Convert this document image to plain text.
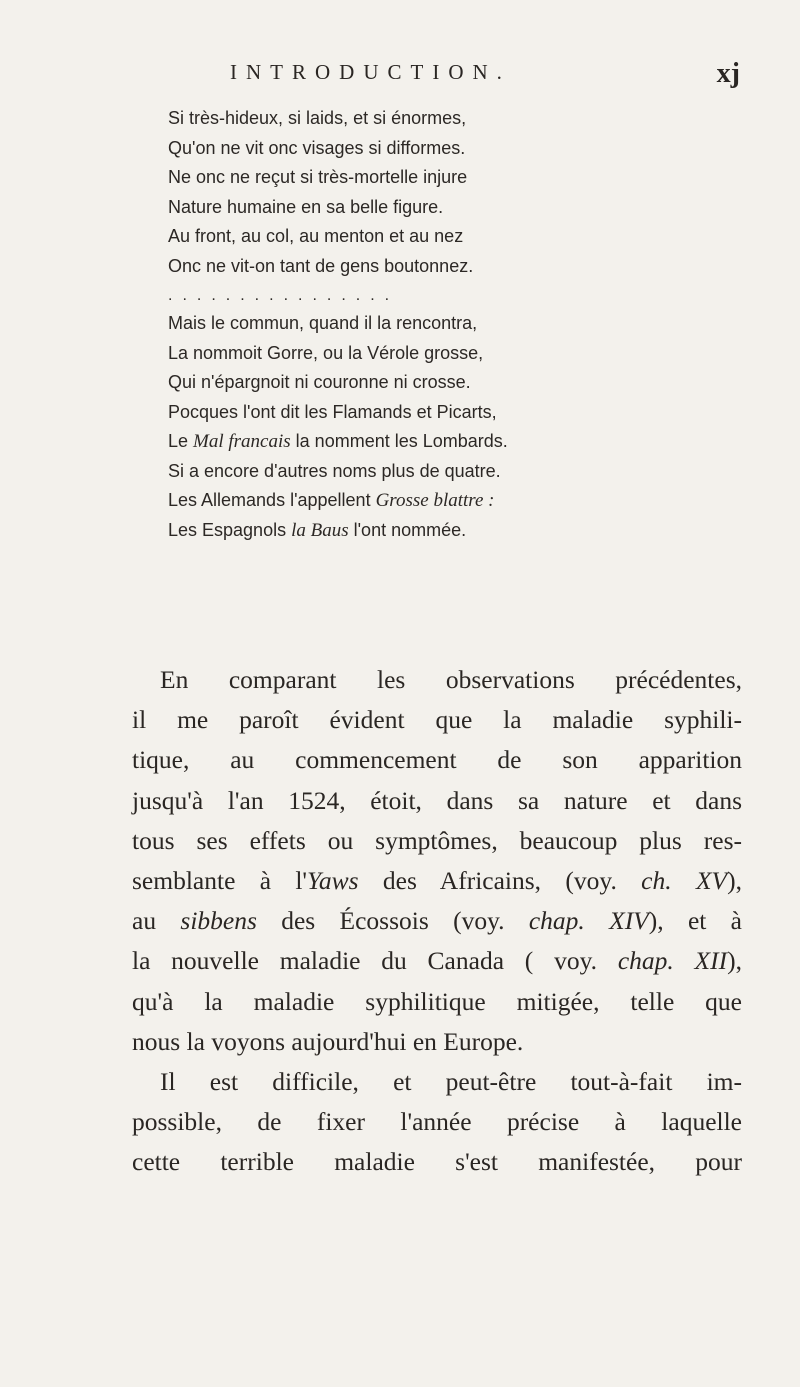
INTRODUCTION.	xj
Si très-hideux, si laids, et si énormes,
Qu'on ne vit onc visages si difformes.
Ne onc ne reçut si très-mortelle injure
Nature humaine en sa belle figure.
Au front, au col, au menton et au nez
Onc ne vit-on tant de gens boutonnez.
................
Mais le commun, quand il la rencontra,
La nommoit Gorre, ou la Vérole grosse,
Qui n'épargnoit ni couronne ni crosse.
Pocques l'ont dit les Flamands et Picarts,
Le Mal francais la nomment les Lombards.
Si a encore d'autres noms plus de quatre.
Les Allemands l'appellent Grosse blattre :
Les Espagnols la Baus l'ont nommée.
En comparant les observations précédentes,
il me paroît évident que la maladie syphili-
tique, au commencement de son apparition
jusqu'à l'an 1524, étoit, dans sa nature et dans
tous ses effets ou symptômes, beaucoup plus res-
semblante à l'Yaws des Africains, (voy. ch. XV),
au sibbens des Écossois (voy. chap. XIV), et à
la nouvelle maladie du Canada ( voy. chap. XII),
qu'à la maladie syphilitique mitigée, telle que
nous la voyons aujourd'hui en Europe.
Il est difficile, et peut-être tout-à-fait im-
possible, de fixer l'année précise à laquelle
cette terrible maladie s'est manifestée, pour
